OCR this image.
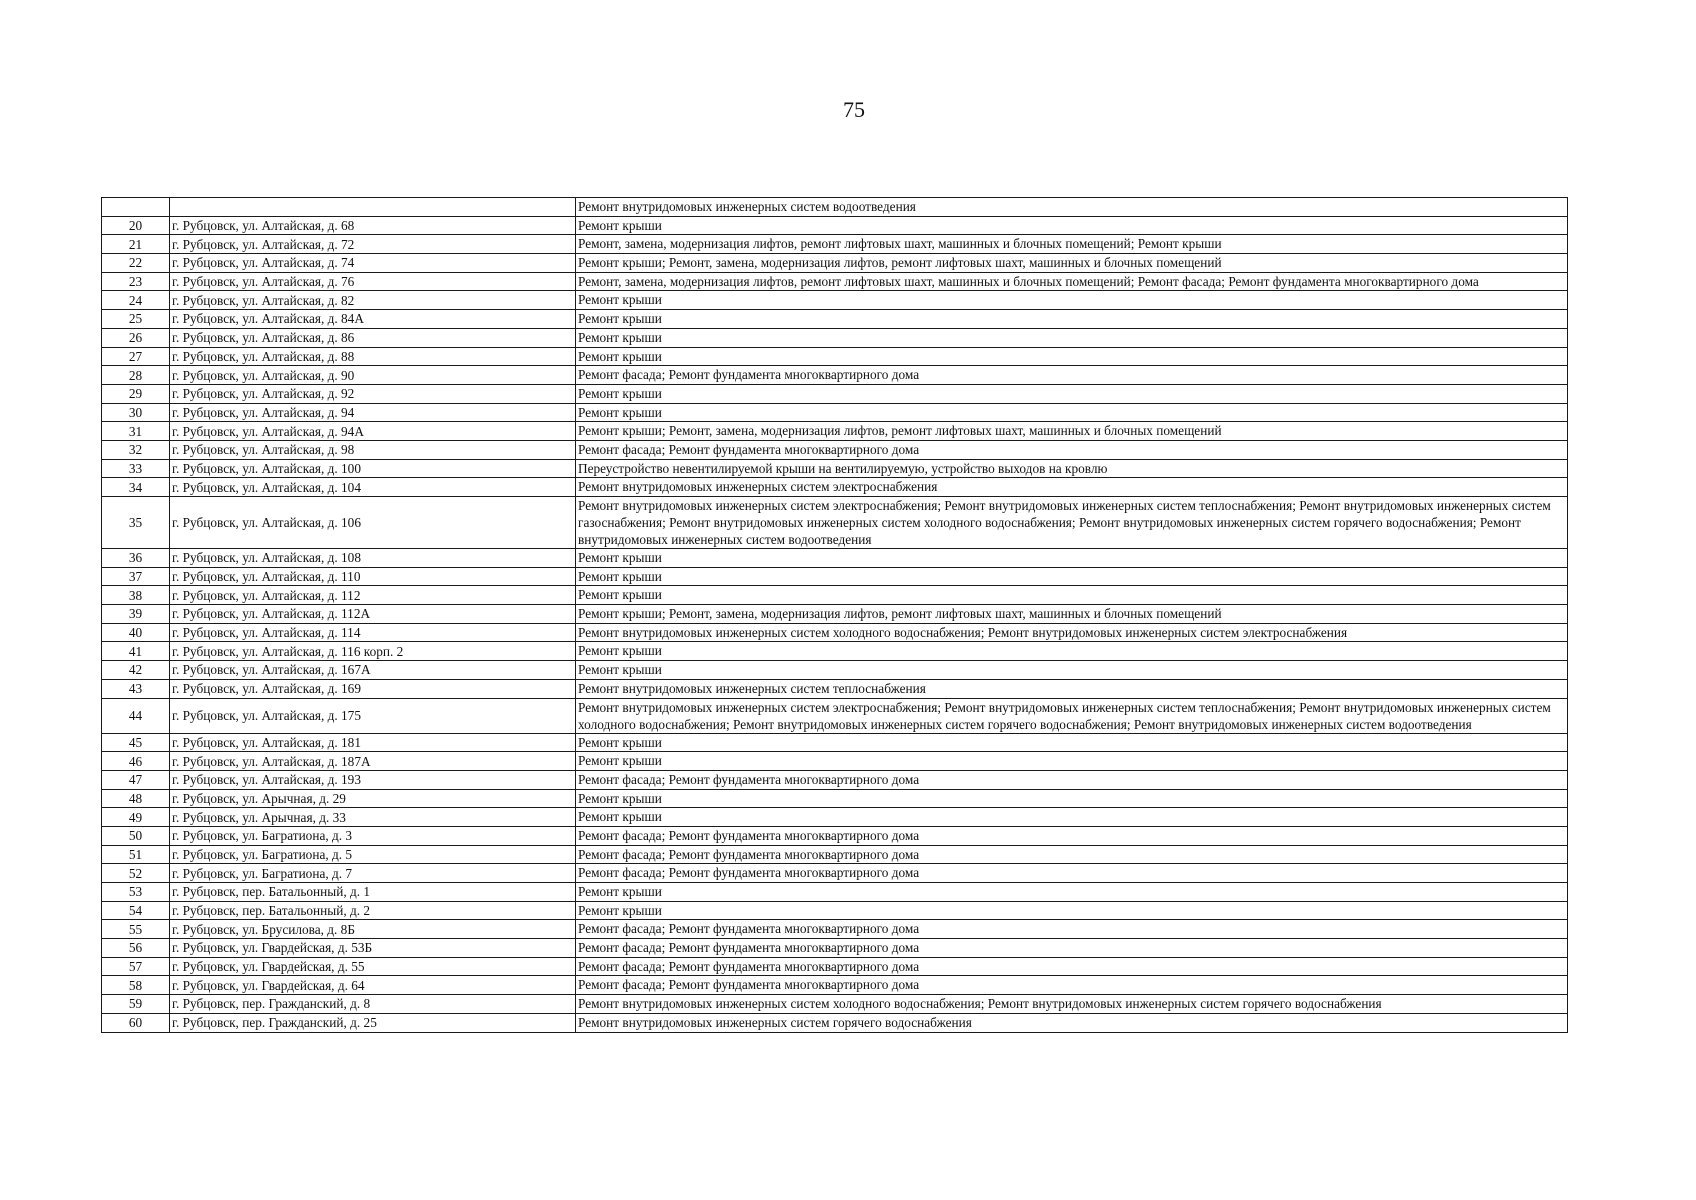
75
		Ремонт внутридомовых инженерных систем водоотведения
20	г. Рубцовск, ул. Алтайская, д. 68	Ремонт крыши
21	г. Рубцовск, ул. Алтайская, д. 72	Ремонт, замена, модернизация лифтов, ремонт лифтовых шахт, машинных и блочных помещений; Ремонт крыши
22	г. Рубцовск, ул. Алтайская, д. 74	Ремонт крыши; Ремонт, замена, модернизация лифтов, ремонт лифтовых шахт, машинных и блочных помещений
23	г. Рубцовск, ул. Алтайская, д. 76	Ремонт, замена, модернизация лифтов, ремонт лифтовых шахт, машинных и блочных помещений; Ремонт фасада; Ремонт фундамента многоквартирного дома
24	г. Рубцовск, ул. Алтайская, д. 82	Ремонт крыши
25	г. Рубцовск, ул. Алтайская, д. 84А	Ремонт крыши
26	г. Рубцовск, ул. Алтайская, д. 86	Ремонт крыши
27	г. Рубцовск, ул. Алтайская, д. 88	Ремонт крыши
28	г. Рубцовск, ул. Алтайская, д. 90	Ремонт фасада; Ремонт фундамента многоквартирного дома
29	г. Рубцовск, ул. Алтайская, д. 92	Ремонт крыши
30	г. Рубцовск, ул. Алтайская, д. 94	Ремонт крыши
31	г. Рубцовск, ул. Алтайская, д. 94А	Ремонт крыши; Ремонт, замена, модернизация лифтов, ремонт лифтовых шахт, машинных и блочных помещений
32	г. Рубцовск, ул. Алтайская, д. 98	Ремонт фасада; Ремонт фундамента многоквартирного дома
33	г. Рубцовск, ул. Алтайская, д. 100	Переустройство невентилируемой крыши на вентилируемую, устройство выходов на кровлю
34	г. Рубцовск, ул. Алтайская, д. 104	Ремонт внутридомовых инженерных систем электроснабжения
35	г. Рубцовск, ул. Алтайская, д. 106	Ремонт внутридомовых инженерных систем электроснабжения; Ремонт внутридомовых инженерных систем теплоснабжения; Ремонт внутридомовых инженерных систем газоснабжения; Ремонт внутридомовых инженерных систем холодного водоснабжения; Ремонт внутридомовых инженерных систем горячего водоснабжения; Ремонт внутридомовых инженерных систем водоотведения
36	г. Рубцовск, ул. Алтайская, д. 108	Ремонт крыши
37	г. Рубцовск, ул. Алтайская, д. 110	Ремонт крыши
38	г. Рубцовск, ул. Алтайская, д. 112	Ремонт крыши
39	г. Рубцовск, ул. Алтайская, д. 112А	Ремонт крыши; Ремонт, замена, модернизация лифтов, ремонт лифтовых шахт, машинных и блочных помещений
40	г. Рубцовск, ул. Алтайская, д. 114	Ремонт внутридомовых инженерных систем холодного водоснабжения; Ремонт внутридомовых инженерных систем электроснабжения
41	г. Рубцовск, ул. Алтайская, д. 116 корп. 2	Ремонт крыши
42	г. Рубцовск, ул. Алтайская, д. 167А	Ремонт крыши
43	г. Рубцовск, ул. Алтайская, д. 169	Ремонт внутридомовых инженерных систем теплоснабжения
44	г. Рубцовск, ул. Алтайская, д. 175	Ремонт внутридомовых инженерных систем электроснабжения; Ремонт внутридомовых инженерных систем теплоснабжения; Ремонт внутридомовых инженерных систем холодного водоснабжения; Ремонт внутридомовых инженерных систем горячего водоснабжения; Ремонт внутридомовых инженерных систем водоотведения
45	г. Рубцовск, ул. Алтайская, д. 181	Ремонт крыши
46	г. Рубцовск, ул. Алтайская, д. 187А	Ремонт крыши
47	г. Рубцовск, ул. Алтайская, д. 193	Ремонт фасада; Ремонт фундамента многоквартирного дома
48	г. Рубцовск, ул. Арычная, д. 29	Ремонт крыши
49	г. Рубцовск, ул. Арычная, д. 33	Ремонт крыши
50	г. Рубцовск, ул. Багратиона, д. 3	Ремонт фасада; Ремонт фундамента многоквартирного дома
51	г. Рубцовск, ул. Багратиона, д. 5	Ремонт фасада; Ремонт фундамента многоквартирного дома
52	г. Рубцовск, ул. Багратиона, д. 7	Ремонт фасада; Ремонт фундамента многоквартирного дома
53	г. Рубцовск, пер. Батальонный, д. 1	Ремонт крыши
54	г. Рубцовск, пер. Батальонный, д. 2	Ремонт крыши
55	г. Рубцовск, ул. Брусилова, д. 8Б	Ремонт фасада; Ремонт фундамента многоквартирного дома
56	г. Рубцовск, ул. Гвардейская, д. 53Б	Ремонт фасада; Ремонт фундамента многоквартирного дома
57	г. Рубцовск, ул. Гвардейская, д. 55	Ремонт фасада; Ремонт фундамента многоквартирного дома
58	г. Рубцовск, ул. Гвардейская, д. 64	Ремонт фасада; Ремонт фундамента многоквартирного дома
59	г. Рубцовск, пер. Гражданский, д. 8	Ремонт внутридомовых инженерных систем холодного водоснабжения; Ремонт внутридомовых инженерных систем горячего водоснабжения
60	г. Рубцовск, пер. Гражданский, д. 25	Ремонт внутридомовых инженерных систем горячего водоснабжения
